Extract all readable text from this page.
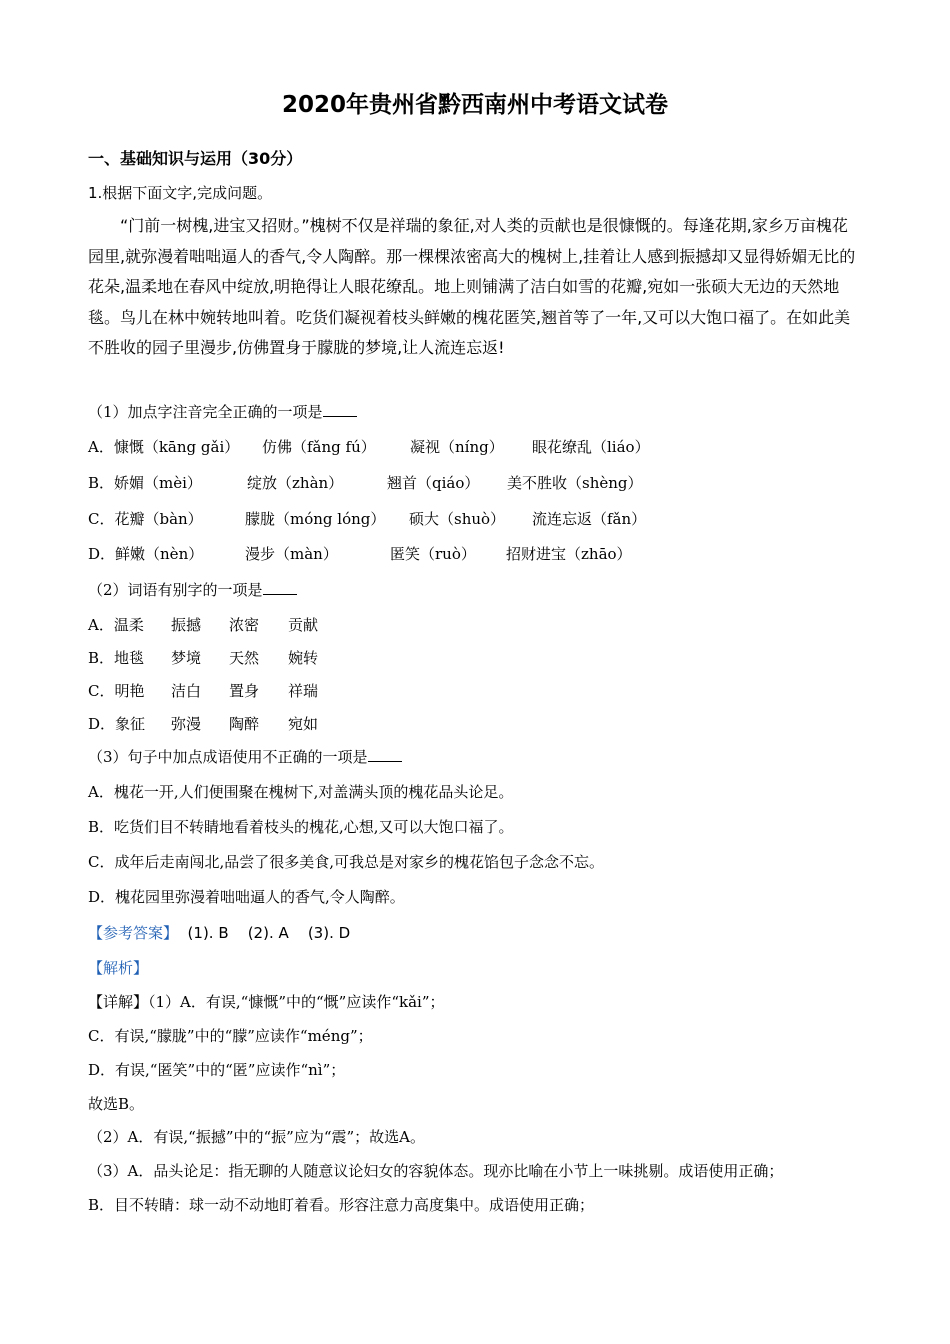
2020年贵州省黔西南州中考语文试卷
一、基础知识与运用（30分）
1.根据下面文字,完成问题。
“门前一树槐,进宝又招财。”槐树不仅是祥瑞的象征,对人类的贡献也是很慷慨的。每逢花期,家乡万亩槐花园里,就弥漫着咄咄逼人的香气,令人陶醉。那一棵棵浓密高大的槐树上,挂着让人感到振撼却又显得娇媚无比的花朵,温柔地在春风中绽放,明艳得让人眼花缭乱。地上则铺满了洁白如雪的花瓣,宛如一张硕大无边的天然地毯。鸟儿在林中婉转地叫着。吃货们凝视着枝头鲜嫩的槐花匿笑,翘首等了一年,又可以大饱口福了。在如此美不胜收的园子里漫步,仿佛置身于朦胧的梦境,让人流连忘返!
（1）加点字注音完全正确的一项是
A．慷慨（kāng gǎi） 仿佛（fǎng fú） 凝视（níng） 眼花缭乱（liáo）
B．娇媚（mèi）	绽放（zhàn）	翘首（qiáo） 美不胜收（shèng）
C．花瓣（bàn）	朦胧（móng lóng） 硕大（shuò） 流连忘返（fǎn）
D．鲜嫩（nèn）	漫步（màn）	匿笑（ruò） 招财进宝（zhāo）
（2）词语有别字的一项是
A．温柔 振撼 浓密 贡献
B．地毯 梦境 天然 婉转
C．明艳 洁白 置身 祥瑞
D．象征 弥漫 陶醉 宛如
（3）句子中加点成语使用不正确的一项是
A．槐花一开,人们便围聚在槐树下,对盖满头顶的槐花品头论足。
B．吃货们目不转睛地看着枝头的槐花,心想,又可以大饱口福了。
C．成年后走南闯北,品尝了很多美食,可我总是对家乡的槐花馅包子念念不忘。
D．槐花园里弥漫着咄咄逼人的香气,令人陶醉。
【参考答案】  (1). B    (2). A    (3). D
【解析】
【详解】（1）A．有误,“慷慨”中的“慨”应读作“kǎi”；
C．有误,“朦胧”中的“朦”应读作“méng”；
D．有误,“匿笑”中的“匿”应读作“nì”；
故选B。
（2）A．有误,“振撼”中的“振”应为“震”；故选A。
（3）A．品头论足：指无聊的人随意议论妇女的容貌体态。现亦比喻在小节上一味挑剔。成语使用正确；
B．目不转睛：球一动不动地盯着看。形容注意力高度集中。成语使用正确；
